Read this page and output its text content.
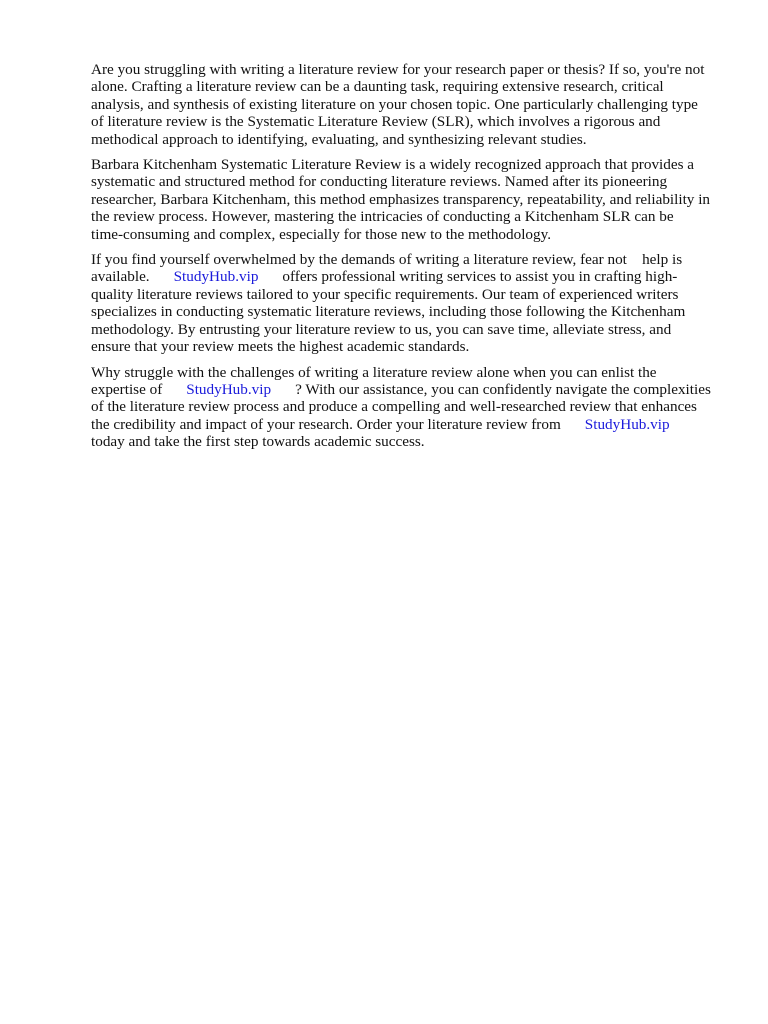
Are you struggling with writing a literature review for your research paper or thesis? If so, you're not
alone. Crafting a literature review can be a daunting task, requiring extensive research, critical
analysis, and synthesis of existing literature on your chosen topic. One particularly challenging type
of literature review is the Systematic Literature Review (SLR), which involves a rigorous and
methodical approach to identifying, evaluating, and synthesizing relevant studies.

Barbara Kitchenham Systematic Literature Review is a widely recognized approach that provides a
systematic and structured method for conducting literature reviews. Named after its pioneering
researcher, Barbara Kitchenham, this method emphasizes transparency, repeatability, and reliability in
the review process. However, mastering the intricacies of conducting a Kitchenham SLR can be
time-consuming and complex, especially for those new to the methodology.

If you find yourself overwhelmed by the demands of writing a literature review, fear not    help is
available. StudyHub.vip offers professional writing services to assist you in crafting high-
quality literature reviews tailored to your specific requirements. Our team of experienced writers
specializes in conducting systematic literature reviews, including those following the Kitchenham
methodology. By entrusting your literature review to us, you can save time, alleviate stress, and
ensure that your review meets the highest academic standards.

Why struggle with the challenges of writing a literature review alone when you can enlist the
expertise of StudyHub.vip ? With our assistance, you can confidently navigate the complexities
of the literature review process and produce a compelling and well-researched review that enhances
the credibility and impact of your research. Order your literature review from StudyHub.vip
today and take the first step towards academic success.
